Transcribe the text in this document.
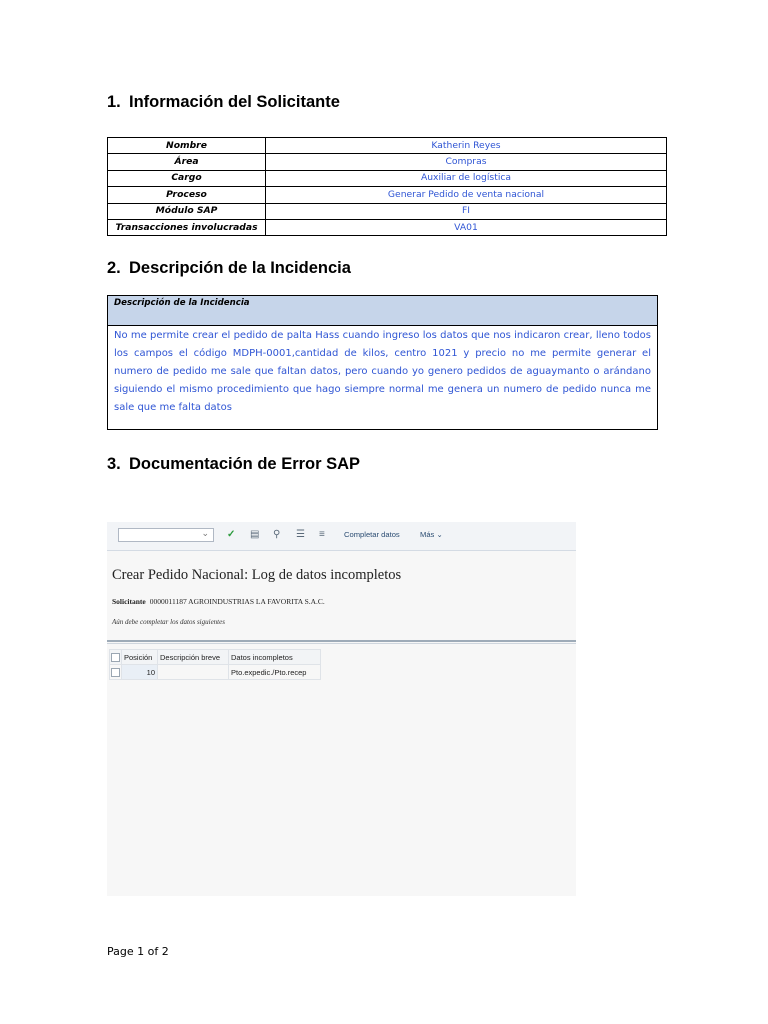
1. Información del Solicitante
Nombre	Katherin Reyes
Área	Compras
Cargo	Auxiliar de logística
Proceso	Generar Pedido de venta nacional
Módulo SAP	FI
Transacciones involucradas	VA01
2. Descripción de la Incidencia
Descripción de la Incidencia
No me permite crear el pedido de palta Hass cuando ingreso los datos que nos indicaron crear, lleno todos los campos el código MDPH-0001,cantidad de kilos, centro 1021 y precio no me permite generar el numero de pedido me sale que faltan datos, pero cuando yo genero pedidos de aguaymanto o arándano siguiendo el mismo procedimiento que hago siempre normal me genera un numero de pedido nunca me sale que me falta datos
3. Documentación de Error SAP
⌄ ✓ ▤ ⚲ ☰ ≡	Completar datos	Más ⌄
Crear Pedido Nacional: Log de datos incompletos
Solicitante 0000011187 AGROINDUSTRIAS LA FAVORITA S.A.C.
Aún debe completar los datos siguientes
	Posición	Descripción breve	Datos incompletos
	10		Pto.expedic./Pto.recep
Page 1 of 2
